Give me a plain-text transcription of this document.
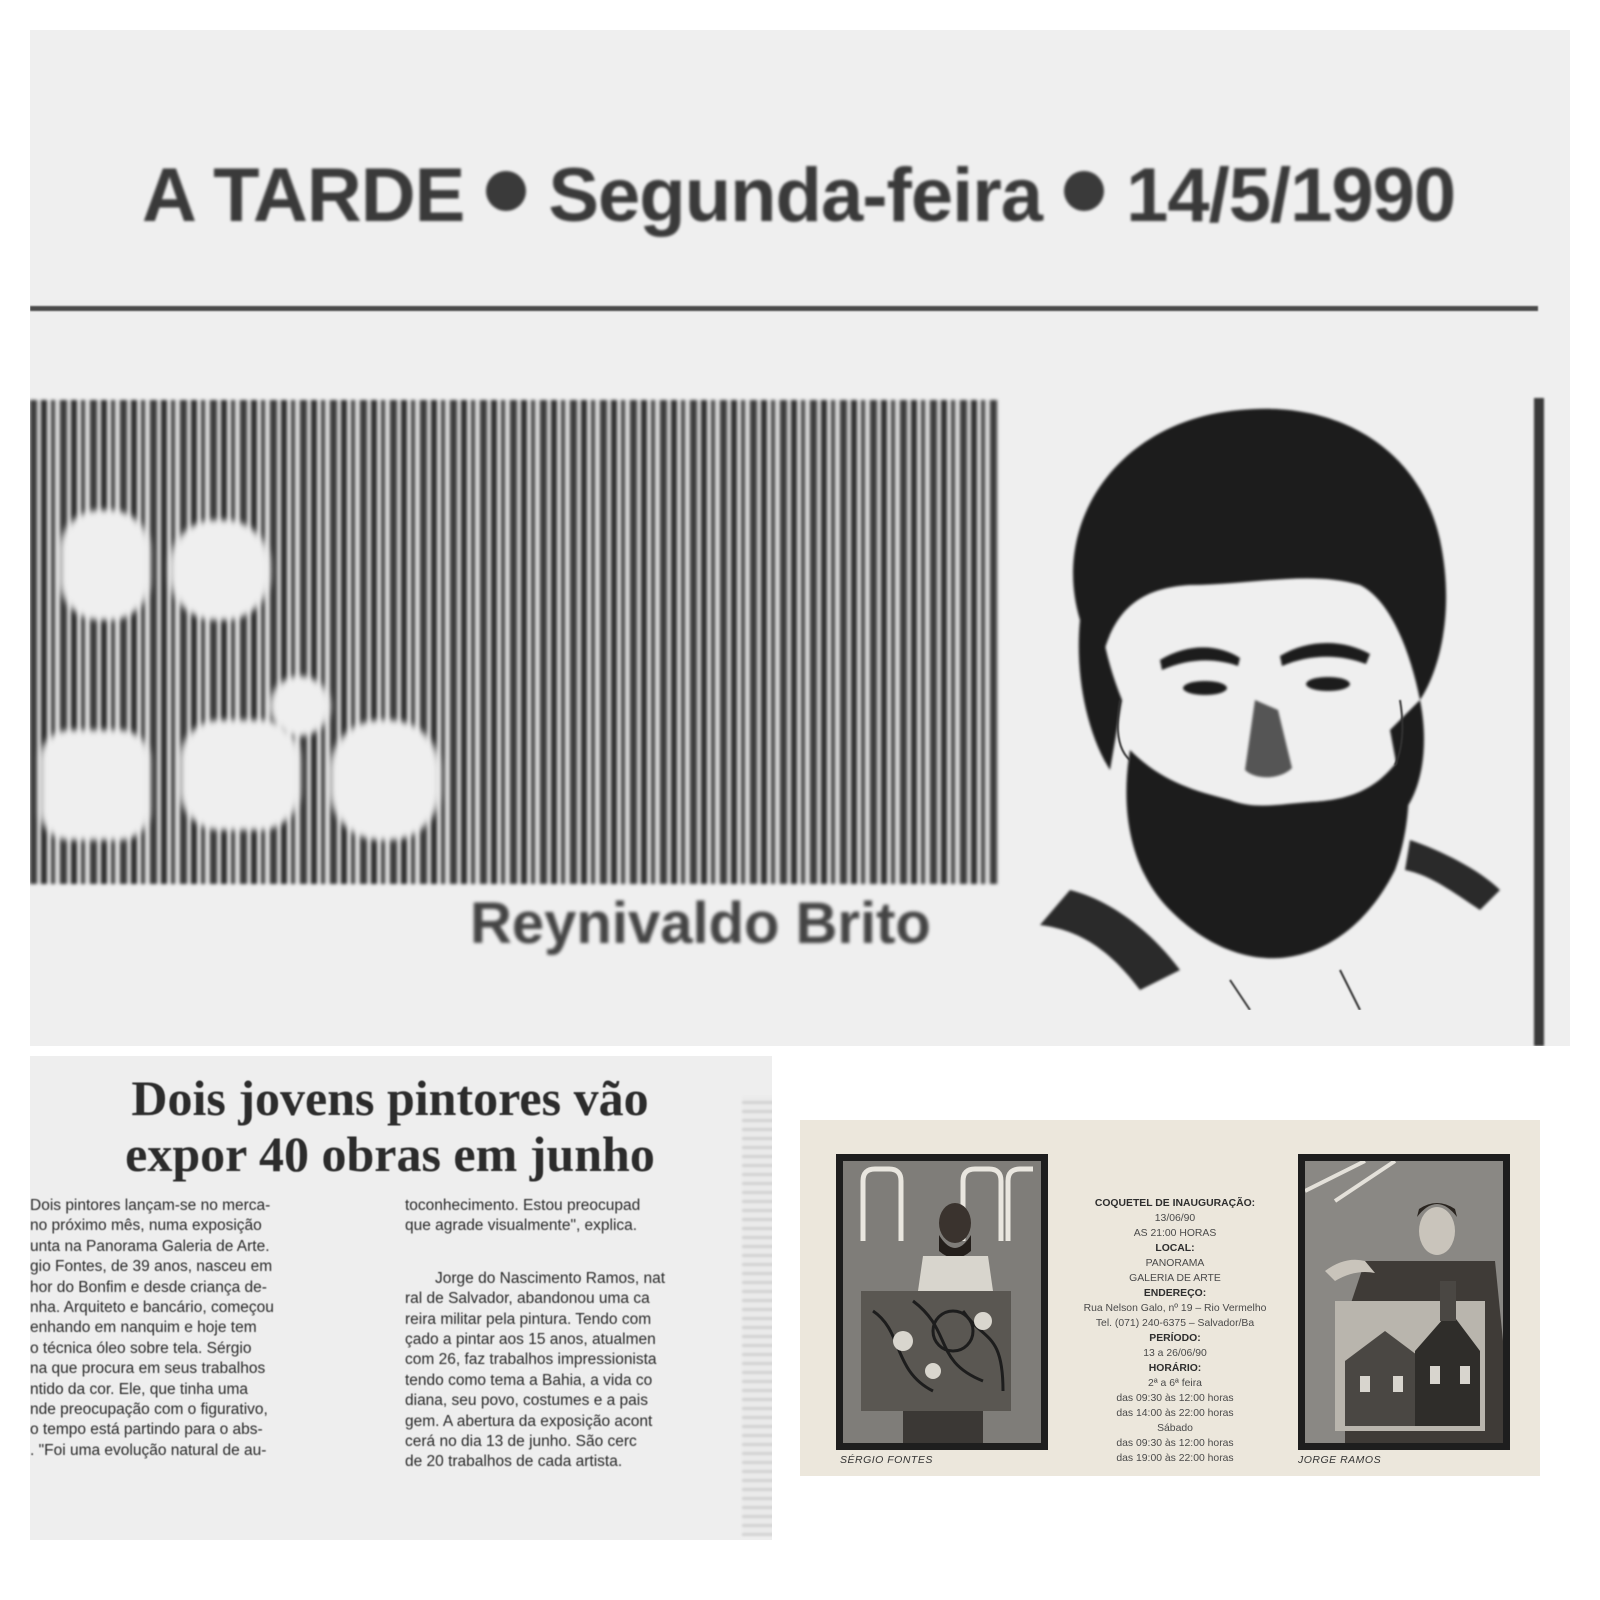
A TARDE Segunda-feira 14/5/1990
Reynivaldo Brito
Dois jovens pintores vão
expor 40 obras em junho

Dois pintores lançam-se no merca-

no próximo mês, numa exposição

unta na Panorama Galeria de Arte.

gio Fontes, de 39 anos, nasceu em

hor do Bonfim e desde criança de-

nha. Arquiteto e bancário, começou

enhando em nanquim e hoje tem

o técnica óleo sobre tela. Sérgio

na que procura em seus trabalhos

ntido da cor. Ele, que tinha uma

nde preocupação com o figurativo,

o tempo está partindo para o abs-

. "Foi uma evolução natural de au-

toconhecimento. Estou preocupad

que agrade visualmente", explica.

Jorge do Nascimento Ramos, nat

ral de Salvador, abandonou uma ca

reira militar pela pintura. Tendo com

çado a pintar aos 15 anos, atualmen

com 26, faz trabalhos impressionista

tendo como tema a Bahia, a vida co

diana, seu povo, costumes e a pais

gem. A abertura da exposição acont

cerá no dia 13 de junho. São cerc

de 20 trabalhos de cada artista.

COQUETEL DE INAUGURAÇÃO:
13/06/90
AS 21:00 HORAS
LOCAL:
PANORAMA
GALERIA DE ARTE
ENDEREÇO:
Rua Nelson Galo, nº 19 – Rio Vermelho
Tel. (071) 240-6375 – Salvador/Ba
PERÍODO:
13 a 26/06/90
HORÁRIO:
2ª a 6ª feira
das 09:30 às 12:00 horas
das 14:00 às 22:00 horas
Sábado
das 09:30 às 12:00 horas
das 19:00 às 22:00 horas
SÉRGIO FONTES	JORGE RAMOS
